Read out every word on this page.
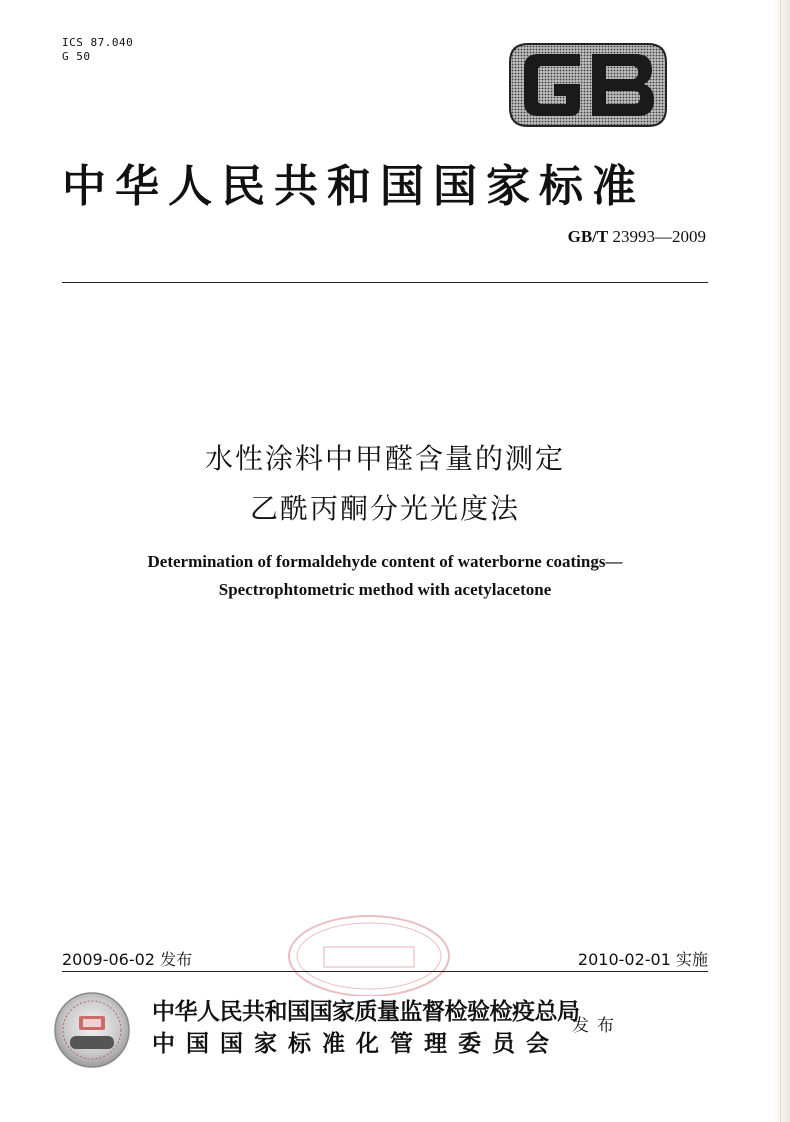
ICS 87.040
G 50
中华人民共和国国家标准
GB/T 23993—2009
水性涂料中甲醛含量的测定
乙酰丙酮分光光度法
Determination of formaldehyde content of waterborne coatings—
Spectrophtometric method with acetylacetone
2009-06-02 发布	2010-02-01 实施
中华人民共和国国家质量监督检验检疫总局
中国国家标准化管理委员会
发布
